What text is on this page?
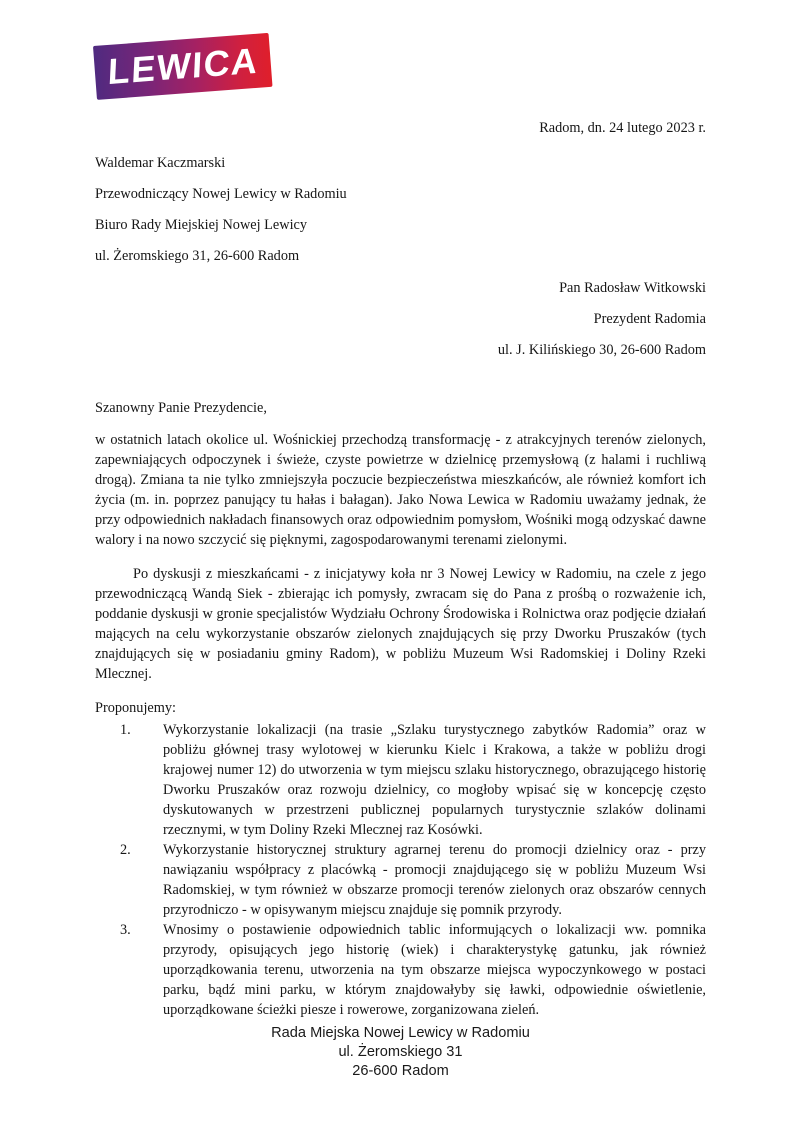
LEWICA

Radom, dn. 24 lutego 2023 r.

Waldemar Kaczmarski

Przewodniczący Nowej Lewicy w Radomiu

Biuro Rady Miejskiej Nowej Lewicy

ul. Żeromskiego 31, 26-600 Radom

Pan Radosław Witkowski

Prezydent Radomia

ul. J. Kilińskiego 30, 26-600 Radom

Szanowny Panie Prezydencie,

w ostatnich latach okolice ul. Wośnickiej przechodzą transformację - z atrakcyjnych terenów zielonych, zapewniających odpoczynek i świeże, czyste powietrze w dzielnicę przemysłową (z halami i ruchliwą drogą). Zmiana ta nie tylko zmniejszyła poczucie bezpieczeństwa mieszkańców, ale również komfort ich życia (m. in. poprzez panujący tu hałas i bałagan). Jako Nowa Lewica w Radomiu uważamy jednak, że przy odpowiednich nakładach finansowych oraz odpowiednim pomysłom, Wośniki mogą odzyskać dawne walory i na nowo szczycić się pięknymi, zagospodarowanymi terenami zielonymi.

Po dyskusji z mieszkańcami - z inicjatywy koła nr 3 Nowej Lewicy w Radomiu, na czele z jego przewodniczącą Wandą Siek - zbierając ich pomysły, zwracam się do Pana z prośbą o rozważenie ich, poddanie dyskusji w gronie specjalistów Wydziału Ochrony Środowiska i Rolnictwa oraz podjęcie działań mających na celu wykorzystanie obszarów zielonych znajdujących się przy Dworku Pruszaków (tych znajdujących się w posiadaniu gminy Radom), w pobliżu Muzeum Wsi Radomskiej i Doliny Rzeki Mlecznej.

Proponujemy:

1.	Wykorzystanie lokalizacji (na trasie „Szlaku turystycznego zabytków Radomia” oraz w pobliżu głównej trasy wylotowej w kierunku Kielc i Krakowa, a także w pobliżu drogi krajowej numer 12) do utworzenia w tym miejscu szlaku historycznego, obrazującego historię Dworku Pruszaków oraz rozwoju dzielnicy, co mogłoby wpisać się w koncepcję często dyskutowanych w przestrzeni publicznej popularnych turystycznie szlaków dolinami rzecznymi, w tym Doliny Rzeki Mlecznej raz Kosówki.
2.	Wykorzystanie historycznej struktury agrarnej terenu do promocji dzielnicy oraz - przy nawiązaniu współpracy z placówką - promocji znajdującego się w pobliżu Muzeum Wsi Radomskiej, w tym również w obszarze promocji terenów zielonych oraz obszarów cennych przyrodniczo - w opisywanym miejscu znajduje się pomnik przyrody.
3.	Wnosimy o postawienie odpowiednich tablic informujących o lokalizacji ww. pomnika przyrody, opisujących jego historię (wiek) i charakterystykę gatunku, jak również uporządkowania terenu, utworzenia na tym obszarze miejsca wypoczynkowego w postaci parku, bądź mini parku, w którym znajdowałyby się ławki, odpowiednie oświetlenie, uporządkowane ścieżki piesze i rowerowe, zorganizowana zieleń.

Rada Miejska Nowej Lewicy w Radomiu

ul. Żeromskiego 31

26-600 Radom
